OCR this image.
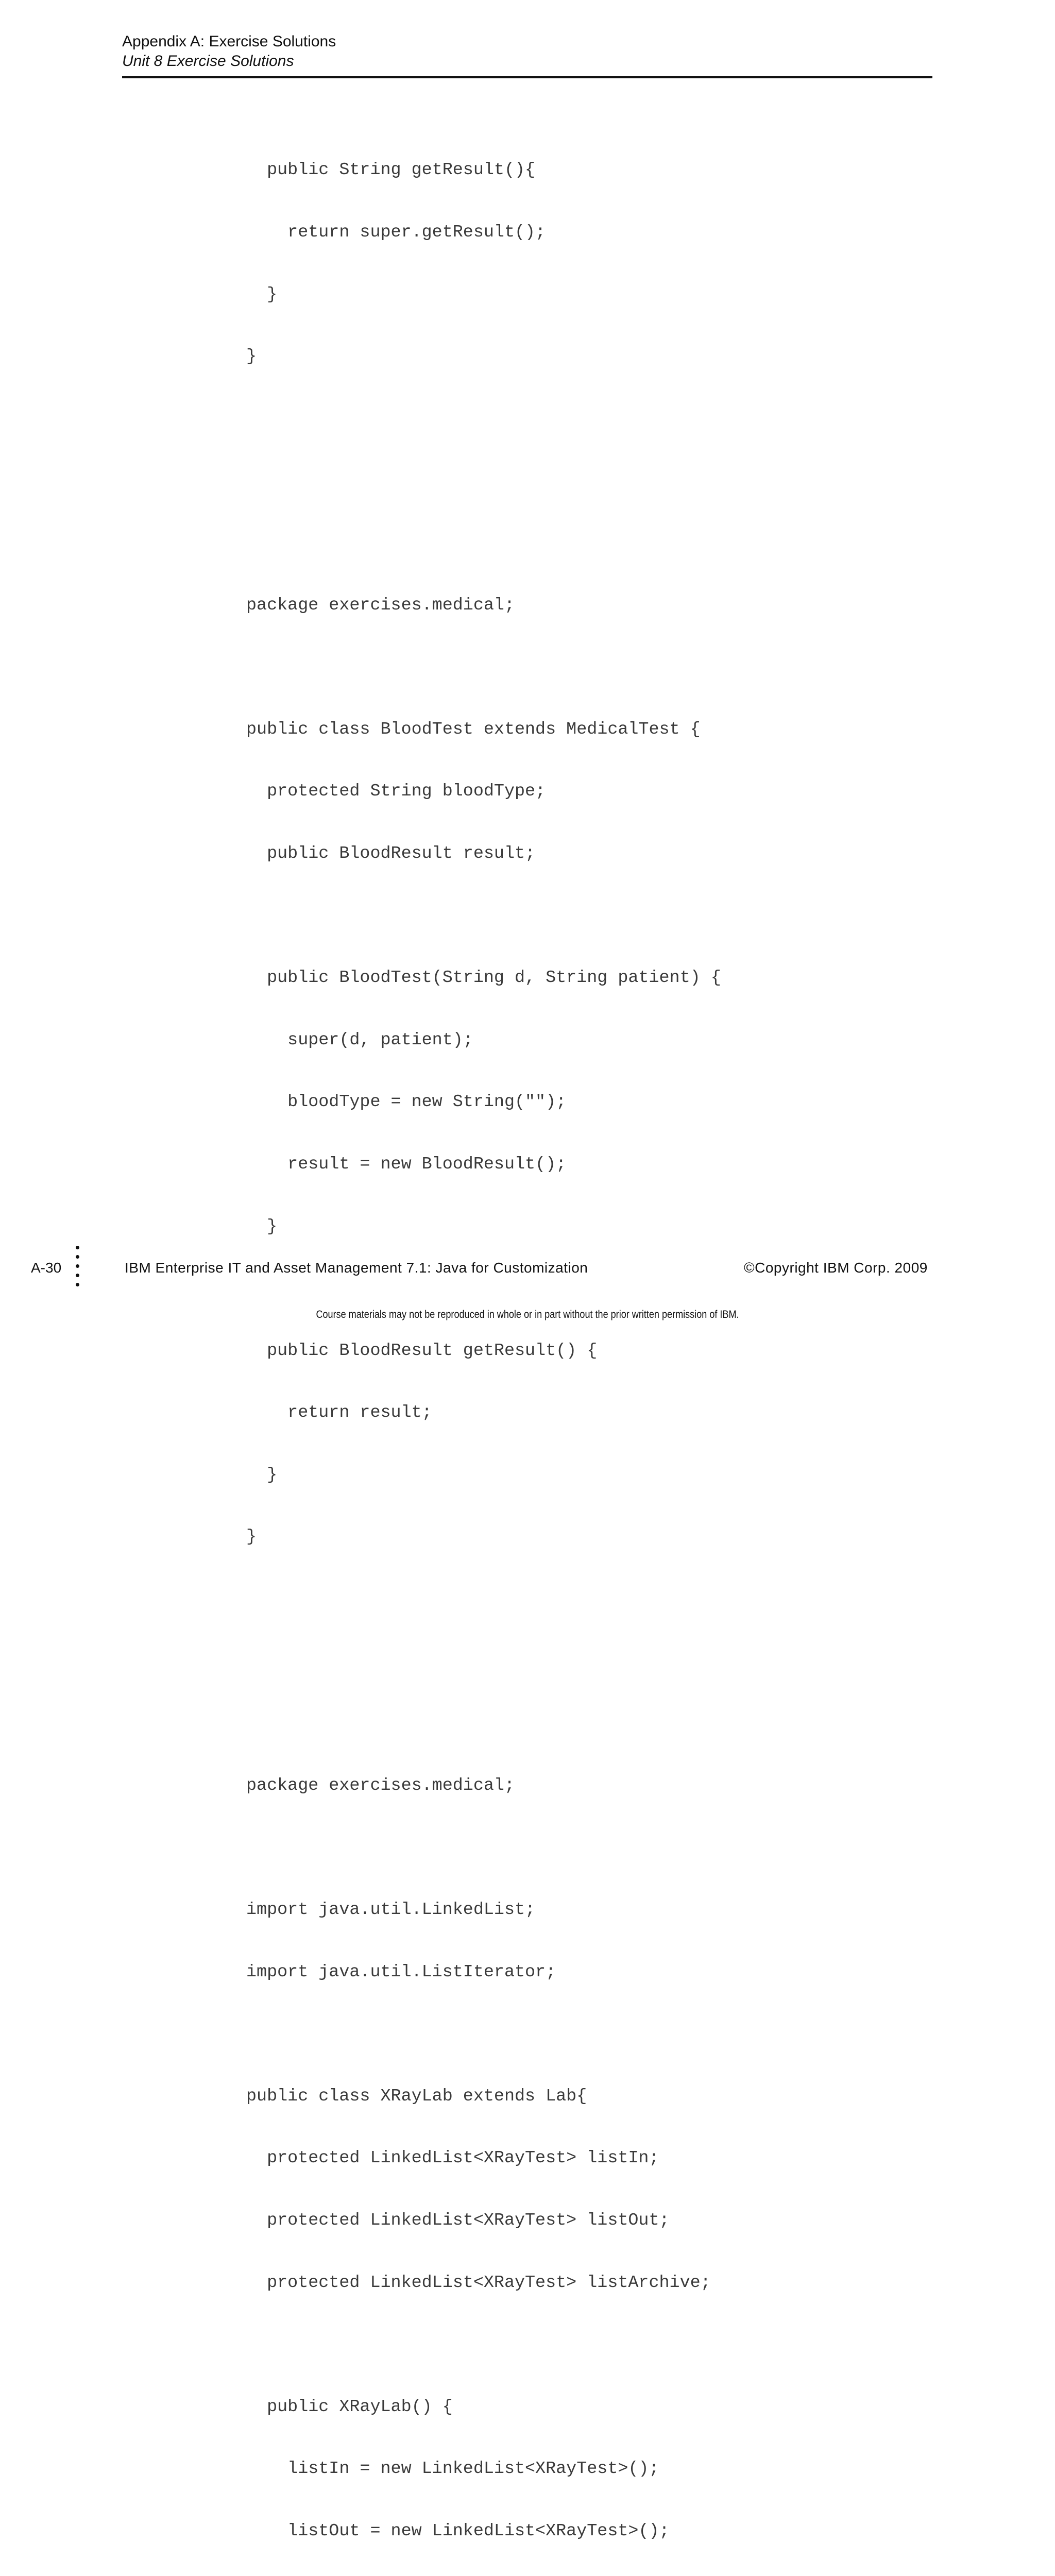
Appendix A: Exercise Solutions
Unit 8 Exercise Solutions

public String getResult(){

return super.getResult();

}

}

package exercises.medical;

public class BloodTest extends MedicalTest {

protected String bloodType;

public BloodResult result;

public BloodTest(String d, String patient) {

super(d, patient);

bloodType = new String("");

result = new BloodResult();

}

public BloodResult getResult() {

return result;

}

}

package exercises.medical;

import java.util.LinkedList;

import java.util.ListIterator;

public class XRayLab extends Lab{

protected LinkedList<XRayTest> listIn;

protected LinkedList<XRayTest> listOut;

protected LinkedList<XRayTest> listArchive;

public XRayLab() {

listIn = new LinkedList<XRayTest>();

listOut = new LinkedList<XRayTest>();

A-30	IBM Enterprise IT and Asset Management 7.1: Java for Customization	©Copyright IBM Corp. 2009
Course materials may not be reproduced in whole or in part without the prior written permission of IBM.
